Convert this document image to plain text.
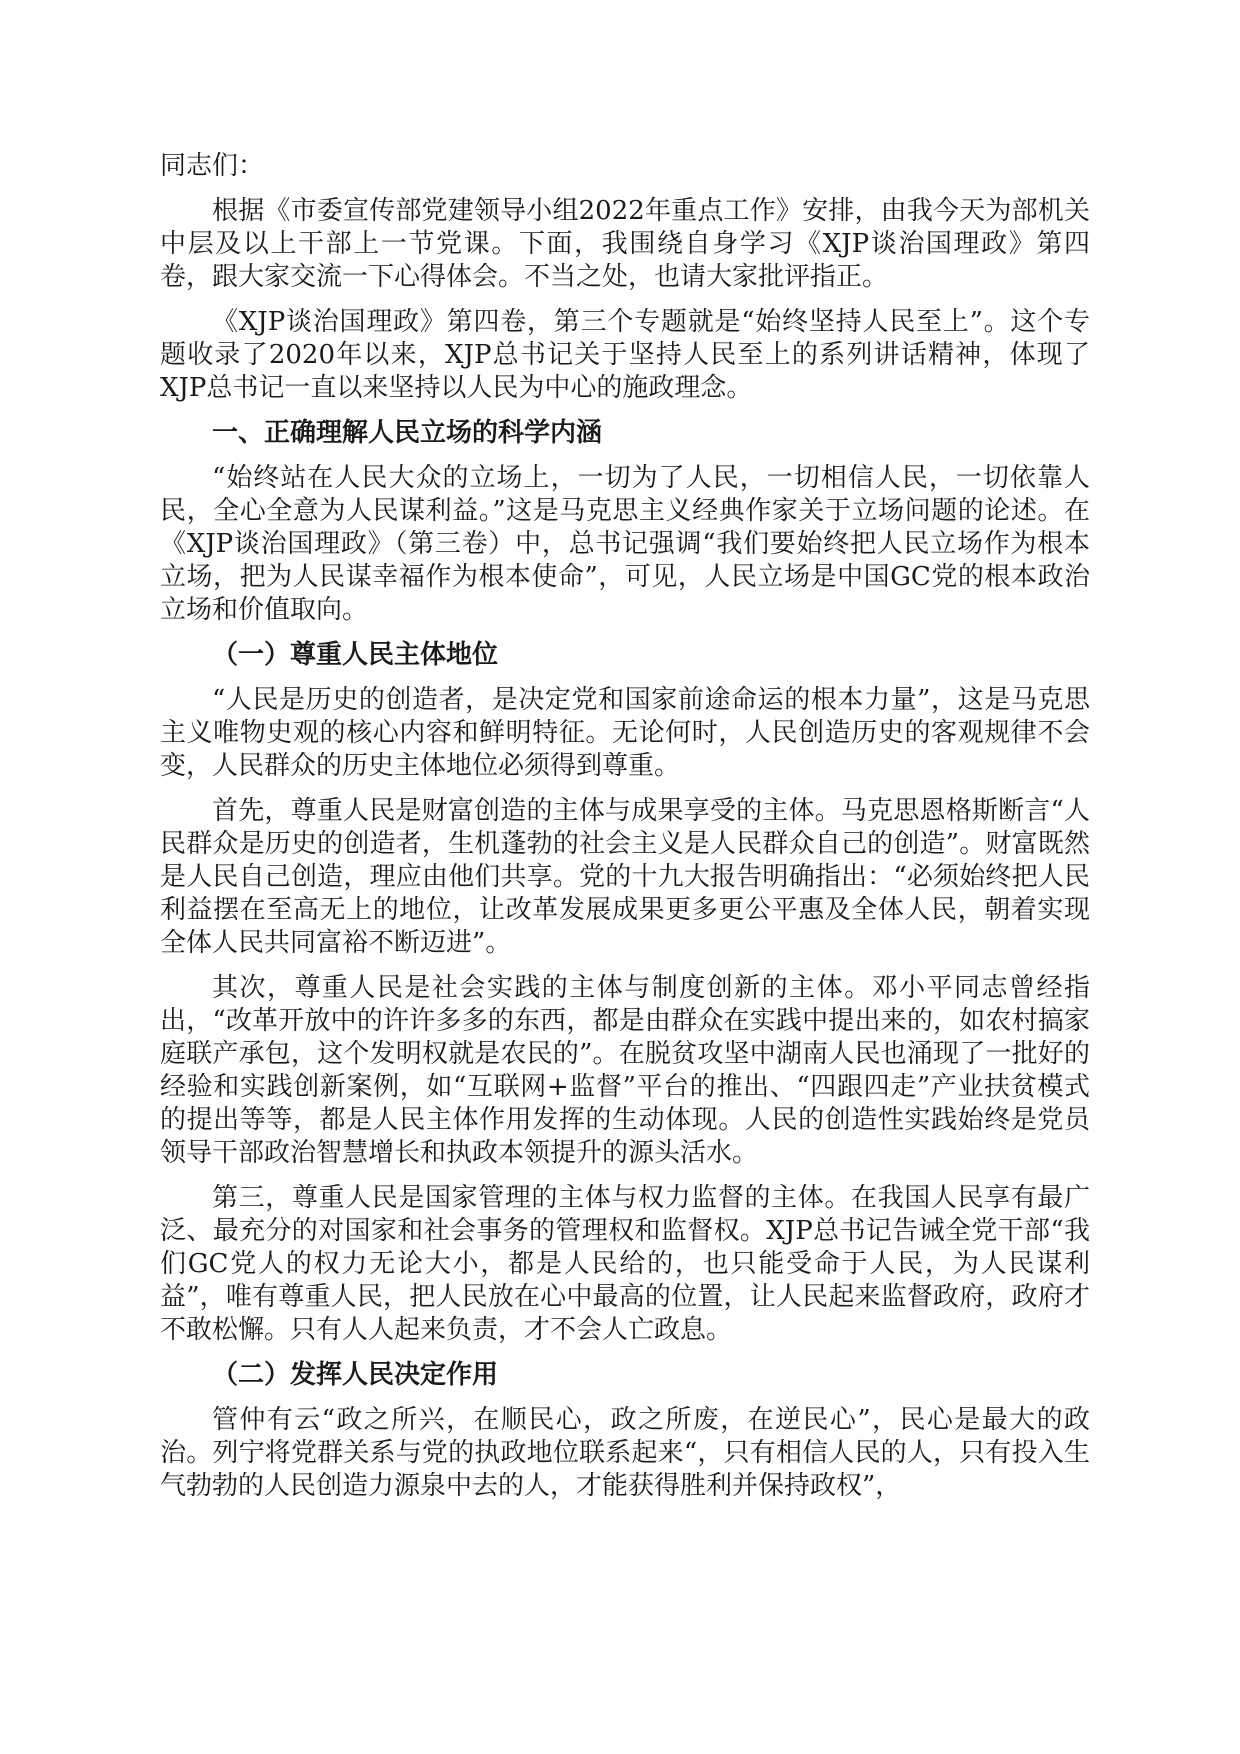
同志们：

根据《市委宣传部党建领导小组2022年重点工作》安排，由我今天为部机关中层及以上干部上一节党课。下面，我围绕自身学习《XJP谈治国理政》第四卷，跟大家交流一下心得体会。不当之处，也请大家批评指正。

《XJP谈治国理政》第四卷，第三个专题就是“始终坚持人民至上”。这个专题收录了2020年以来，XJP总书记关于坚持人民至上的系列讲话精神，体现了XJP总书记一直以来坚持以人民为中心的施政理念。

一、正确理解人民立场的科学内涵

“始终站在人民大众的立场上，一切为了人民，一切相信人民，一切依靠人民，全心全意为人民谋利益。”这是马克思主义经典作家关于立场问题的论述。在《XJP谈治国理政》（第三卷）中，总书记强调“我们要始终把人民立场作为根本立场，把为人民谋幸福作为根本使命”，可见，人民立场是中国GC党的根本政治立场和价值取向。

（一）尊重人民主体地位

“人民是历史的创造者，是决定党和国家前途命运的根本力量”，这是马克思主义唯物史观的核心内容和鲜明特征。无论何时，人民创造历史的客观规律不会变，人民群众的历史主体地位必须得到尊重。

首先，尊重人民是财富创造的主体与成果享受的主体。马克思恩格斯断言“人民群众是历史的创造者，生机蓬勃的社会主义是人民群众自己的创造”。财富既然是人民自己创造，理应由他们共享。党的十九大报告明确指出：“必须始终把人民利益摆在至高无上的地位，让改革发展成果更多更公平惠及全体人民，朝着实现全体人民共同富裕不断迈进”。

其次，尊重人民是社会实践的主体与制度创新的主体。邓小平同志曾经指出，“改革开放中的许许多多的东西，都是由群众在实践中提出来的，如农村搞家庭联产承包，这个发明权就是农民的”。在脱贫攻坚中湖南人民也涌现了一批好的经验和实践创新案例，如“互联网+监督”平台的推出、“四跟四走”产业扶贫模式的提出等等，都是人民主体作用发挥的生动体现。人民的创造性实践始终是党员领导干部政治智慧增长和执政本领提升的源头活水。

第三，尊重人民是国家管理的主体与权力监督的主体。在我国人民享有最广泛、最充分的对国家和社会事务的管理权和监督权。XJP总书记告诫全党干部“我们GC党人的权力无论大小，都是人民给的，也只能受命于人民，为人民谋利益”，唯有尊重人民，把人民放在心中最高的位置，让人民起来监督政府，政府才不敢松懈。只有人人起来负责，才不会人亡政息。

（二）发挥人民决定作用

管仲有云“政之所兴，在顺民心，政之所废，在逆民心”，民心是最大的政治。列宁将党群关系与党的执政地位联系起来“，只有相信人民的人，只有投入生气勃勃的人民创造力源泉中去的人，才能获得胜利并保持政权”，
